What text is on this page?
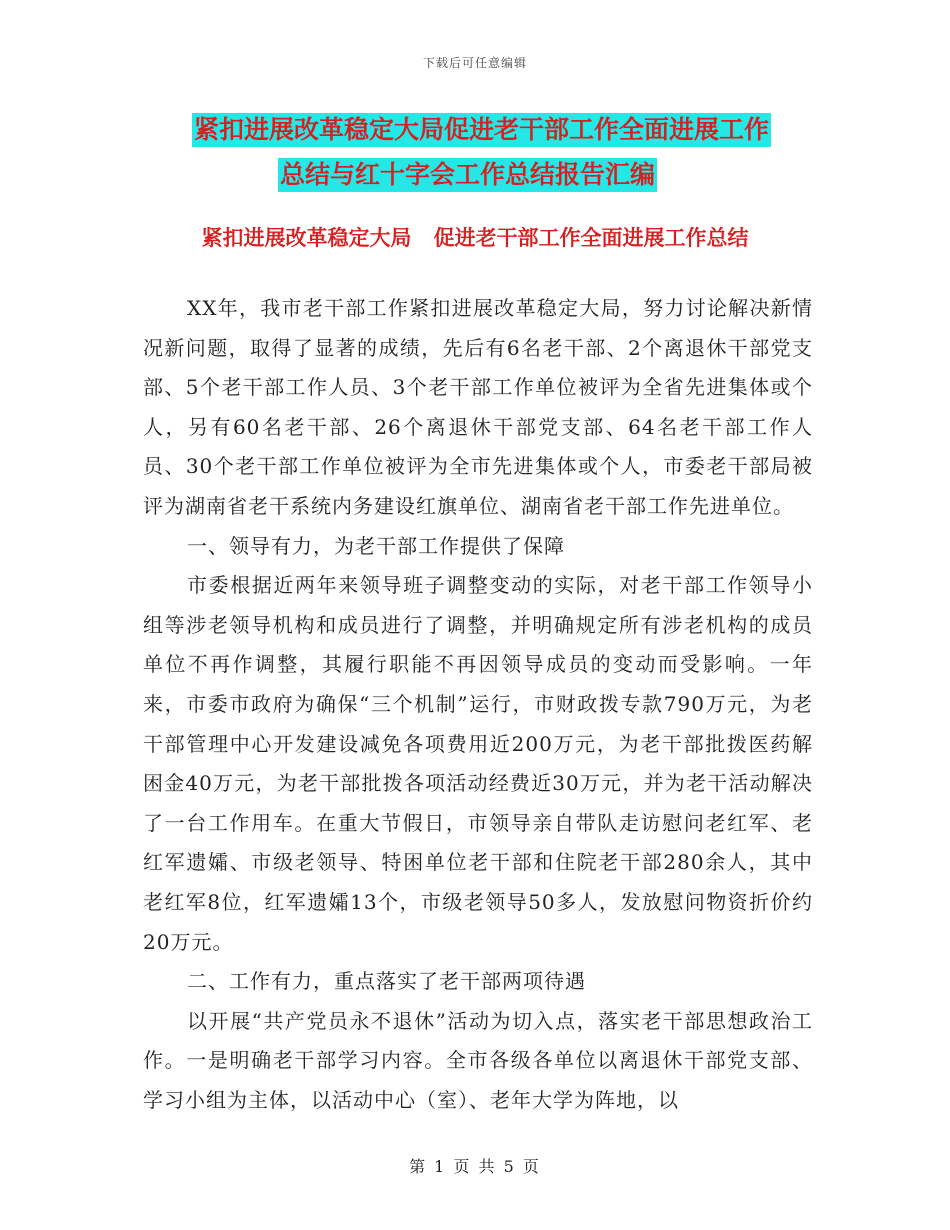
下载后可任意编辑
紧扣进展改革稳定大局促进老干部工作全面进展工作
总结与红十字会工作总结报告汇编
紧扣进展改革稳定大局   促进老干部工作全面进展工作总结

XX年，我市老干部工作紧扣进展改革稳定大局，努力讨论解决新情况新问题，取得了显著的成绩，先后有6名老干部、2个离退休干部党支部、5个老干部工作人员、3个老干部工作单位被评为全省先进集体或个人，另有60名老干部、26个离退休干部党支部、64名老干部工作人员、30个老干部工作单位被评为全市先进集体或个人，市委老干部局被评为湖南省老干系统内务建设红旗单位、湖南省老干部工作先进单位。

一、领导有力，为老干部工作提供了保障

市委根据近两年来领导班子调整变动的实际，对老干部工作领导小组等涉老领导机构和成员进行了调整，并明确规定所有涉老机构的成员单位不再作调整，其履行职能不再因领导成员的变动而受影响。一年来，市委市政府为确保“三个机制”运行，市财政拨专款790万元，为老干部管理中心开发建设减免各项费用近200万元，为老干部批拨医药解困金40万元，为老干部批拨各项活动经费近30万元，并为老干活动解决了一台工作用车。在重大节假日，市领导亲自带队走访慰问老红军、老红军遗孀、市级老领导、特困单位老干部和住院老干部280余人，其中老红军8位，红军遗孀13个，市级老领导50多人，发放慰问物资折价约20万元。

二、工作有力，重点落实了老干部两项待遇

以开展“共产党员永不退休”活动为切入点，落实老干部思想政治工作。一是明确老干部学习内容。全市各级各单位以离退休干部党支部、学习小组为主体，以活动中心（室）、老年大学为阵地，以

第 1 页 共 5 页
